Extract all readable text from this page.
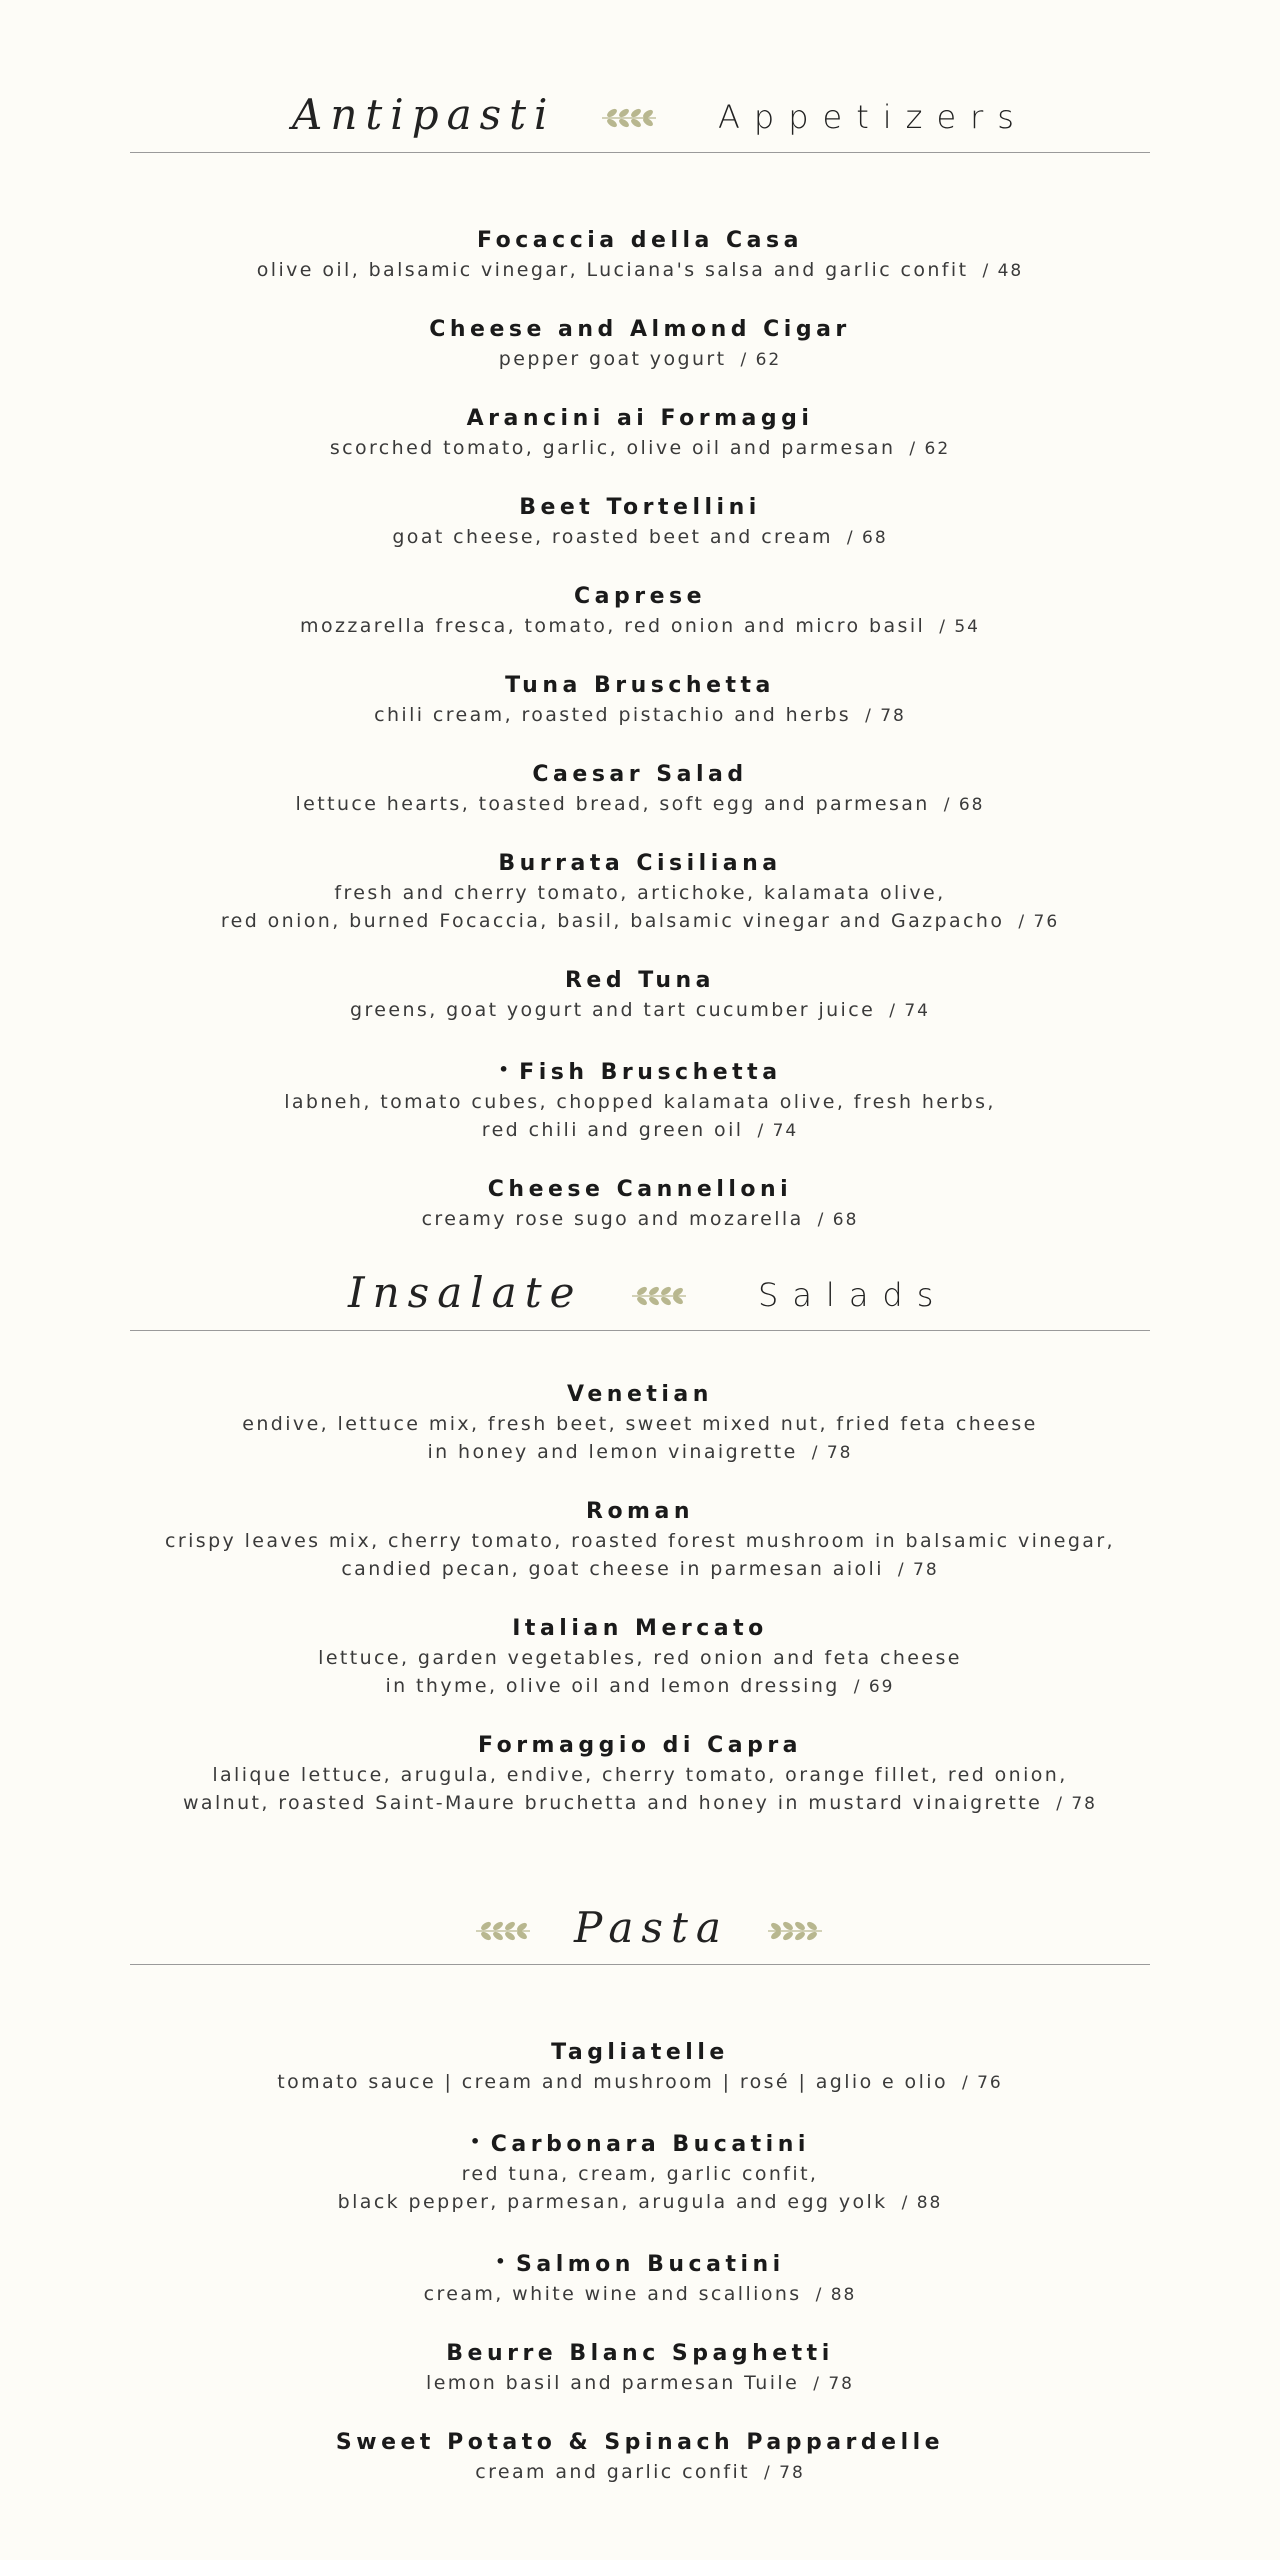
Antipasti	Appetizers
Focaccia della Casa
olive oil, balsamic vinegar, Luciana's salsa and garlic confit / 48
Cheese and Almond Cigar
pepper goat yogurt / 62
Arancini ai Formaggi
scorched tomato, garlic, olive oil and parmesan / 62
Beet Tortellini
goat cheese, roasted beet and cream / 68
Caprese
mozzarella fresca, tomato, red onion and micro basil / 54
Tuna Bruschetta
chili cream, roasted pistachio and herbs / 78
Caesar Salad
lettuce hearts, toasted bread, soft egg and parmesan / 68
Burrata Cisiliana
fresh and cherry tomato, artichoke, kalamata olive,
red onion, burned Focaccia, basil, balsamic vinegar and Gazpacho / 76
Red Tuna
greens, goat yogurt and tart cucumber juice / 74
• Fish Bruschetta
labneh, tomato cubes, chopped kalamata olive, fresh herbs,
red chili and green oil / 74
Cheese Cannelloni
creamy rose sugo and mozarella / 68
Insalate	Salads
Venetian
endive, lettuce mix, fresh beet, sweet mixed nut, fried feta cheese
in honey and lemon vinaigrette / 78
Roman
crispy leaves mix, cherry tomato, roasted forest mushroom in balsamic vinegar,
candied pecan, goat cheese in parmesan aioli / 78
Italian Mercato
lettuce, garden vegetables, red onion and feta cheese
in thyme, olive oil and lemon dressing / 69
Formaggio di Capra
lalique lettuce, arugula, endive, cherry tomato, orange fillet, red onion,
walnut, roasted Saint-Maure bruchetta and honey in mustard vinaigrette / 78
Pasta
Tagliatelle
tomato sauce | cream and mushroom | rosé | aglio e olio / 76
• Carbonara Bucatini
red tuna, cream, garlic confit,
black pepper, parmesan, arugula and egg yolk / 88
• Salmon Bucatini
cream, white wine and scallions / 88
Beurre Blanc Spaghetti
lemon basil and parmesan Tuile / 78
Sweet Potato & Spinach Pappardelle
cream and garlic confit / 78
